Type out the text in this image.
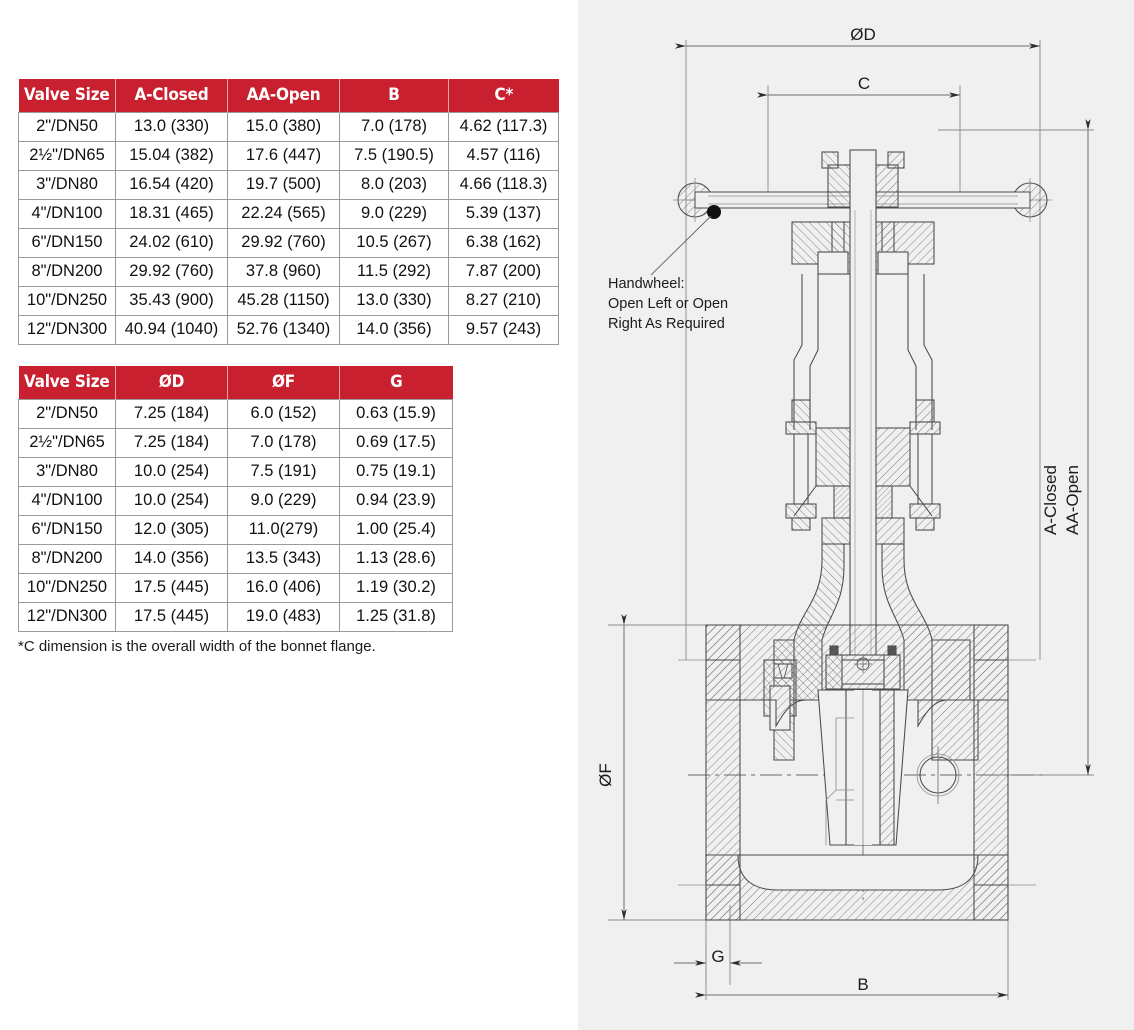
Valve Size	A-Closed	AA-Open	B	C*
2"/DN50	13.0 (330)	15.0 (380)	7.0 (178)	4.62 (117.3)
2½"/DN65	15.04 (382)	17.6 (447)	7.5 (190.5)	4.57 (116)
3"/DN80	16.54 (420)	19.7 (500)	8.0 (203)	4.66 (118.3)
4"/DN100	18.31 (465)	22.24 (565)	9.0 (229)	5.39 (137)
6"/DN150	24.02 (610)	29.92 (760)	10.5 (267)	6.38 (162)
8"/DN200	29.92 (760)	37.8 (960)	11.5 (292)	7.87 (200)
10"/DN250	35.43 (900)	45.28 (1150)	13.0 (330)	8.27 (210)
12"/DN300	40.94 (1040)	52.76 (1340)	14.0 (356)	9.57 (243)
Valve Size	ØD	ØF	G
2"/DN50	7.25 (184)	6.0 (152)	0.63 (15.9)
2½"/DN65	7.25 (184)	7.0 (178)	0.69 (17.5)
3"/DN80	10.0 (254)	7.5 (191)	0.75 (19.1)
4"/DN100	10.0 (254)	9.0 (229)	0.94 (23.9)
6"/DN150	12.0 (305)	11.0(279)	1.00 (25.4)
8"/DN200	14.0 (356)	13.5 (343)	1.13 (28.6)
10"/DN250	17.5 (445)	16.0 (406)	1.19 (30.2)
12"/DN300	17.5 (445)	19.0 (483)	1.25 (31.8)
*C dimension is the overall width of the bonnet flange.
ØD
C
A-Closed AA-Open
ØF
G
B
Handwheel:
Open Left or Open
Right As Required
